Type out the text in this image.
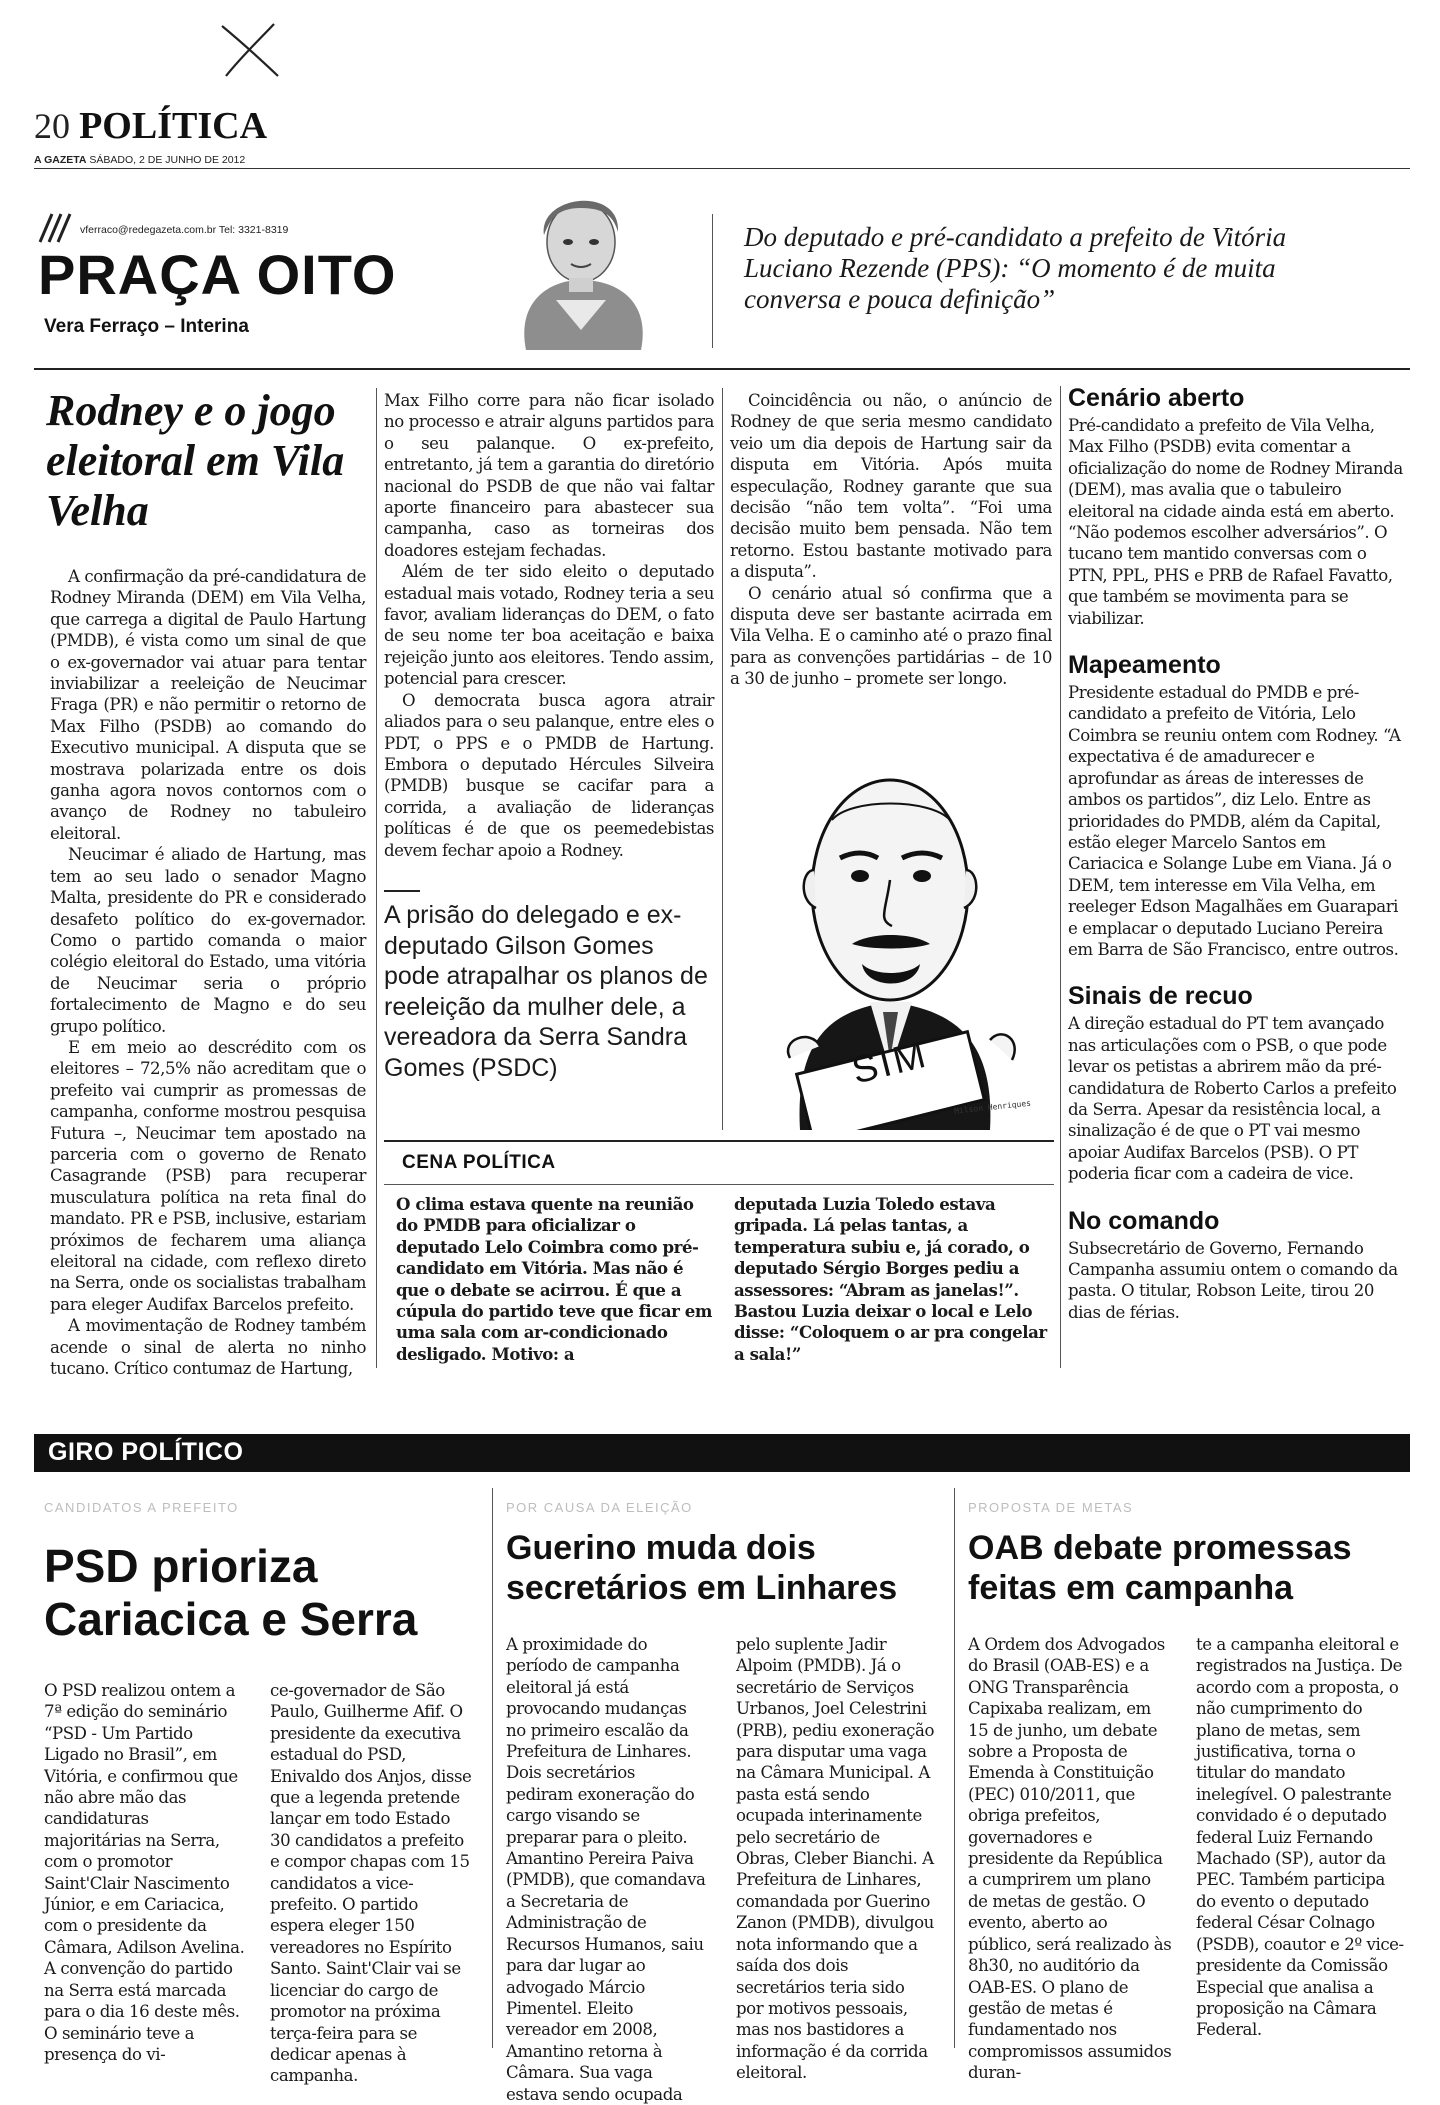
20 POLÍTICA
A GAZETA SÁBADO, 2 DE JUNHO DE 2012
vferraco@redegazeta.com.br Tel: 3321-8319
PRAÇA OITO
Vera Ferraço – Interina
Do deputado e pré-candidato a prefeito de Vitória Luciano Rezende (PPS): “O momento é de muita conversa e pouca definição”
Rodney e o jogo eleitoral em Vila Velha

A confirmação da pré-candidatura de Rodney Miranda (DEM) em Vila Velha, que carrega a digital de Paulo Hartung (PMDB), é vista como um sinal de que o ex-governador vai atuar para tentar inviabilizar a reeleição de Neucimar Fraga (PR) e não permitir o retorno de Max Filho (PSDB) ao comando do Executivo municipal. A disputa que se mostrava polarizada entre os dois ganha agora novos contornos com o avanço de Rodney no tabuleiro eleitoral.

Neucimar é aliado de Hartung, mas tem ao seu lado o senador Magno Malta, presidente do PR e considerado desafeto político do ex-governador. Como o partido comanda o maior colégio eleitoral do Estado, uma vitória de Neucimar seria o próprio fortalecimento de Magno e do seu grupo político.

E em meio ao descrédito com os eleitores – 72,5% não acreditam que o prefeito vai cumprir as promessas de campanha, conforme mostrou pesquisa Futura –, Neucimar tem apostado na parceria com o governo de Renato Casagrande (PSB) para recuperar musculatura política na reta final do mandato. PR e PSB, inclusive, estariam próximos de fecharem uma aliança eleitoral na cidade, com reflexo direto na Serra, onde os socialistas trabalham para eleger Audifax Barcelos prefeito.

A movimentação de Rodney também acende o sinal de alerta no ninho tucano. Crítico contumaz de Hartung,

Max Filho corre para não ficar isolado no processo e atrair alguns partidos para o seu palanque. O ex-prefeito, entretanto, já tem a garantia do diretório nacional do PSDB de que não vai faltar aporte financeiro para abastecer sua campanha, caso as torneiras dos doadores estejam fechadas.

Além de ter sido eleito o deputado estadual mais votado, Rodney teria a seu favor, avaliam lideranças do DEM, o fato de seu nome ter boa aceitação e baixa rejeição junto aos eleitores. Tendo assim, potencial para crescer.

O democrata busca agora atrair aliados para o seu palanque, entre eles o PDT, o PPS e o PMDB de Hartung. Embora o deputado Hércules Silveira (PMDB) busque se cacifar para a corrida, a avaliação de lideranças políticas é de que os peemedebistas devem fechar apoio a Rodney.

Coincidência ou não, o anúncio de Rodney de que seria mesmo candidato veio um dia depois de Hartung sair da disputa em Vitória. Após muita especulação, Rodney garante que sua decisão “não tem volta”. “Foi uma decisão muito bem pensada. Não tem retorno. Estou bastante motivado para a disputa”.

O cenário atual só confirma que a disputa deve ser bastante acirrada em Vila Velha. E o caminho até o prazo final para as convenções partidárias – de 10 a 30 de junho – promete ser longo.

A prisão do delegado e ex-deputado Gilson Gomes pode atrapalhar os planos de reeleição da mulher dele, a vereadora da Serra Sandra Gomes (PSDC)	SIM
Milson Henriques
CENA POLÍTICA

O clima estava quente na reunião do PMDB para oficializar o deputado Lelo Coimbra como pré-candidato em Vitória. Mas não é que o debate se acirrou. É que a cúpula do partido teve que ficar em uma sala com ar-condicionado desligado. Motivo: a

deputada Luzia Toledo estava gripada. Lá pelas tantas, a temperatura subiu e, já corado, o deputado Sérgio Borges pediu a assessores: “Abram as janelas!”. Bastou Luzia deixar o local e Lelo disse: “Coloquem o ar pra congelar a sala!”

Cenário aberto
Pré-candidato a prefeito de Vila Velha, Max Filho (PSDB) evita comentar a oficialização do nome de Rodney Miranda (DEM), mas avalia que o tabuleiro eleitoral na cidade ainda está em aberto. “Não podemos escolher adversários”. O tucano tem mantido conversas com o PTN, PPL, PHS e PRB de Rafael Favatto, que também se movimenta para se viabilizar.
Mapeamento
Presidente estadual do PMDB e pré-candidato a prefeito de Vitória, Lelo Coimbra se reuniu ontem com Rodney. “A expectativa é de amadurecer e aprofundar as áreas de interesses de ambos os partidos”, diz Lelo. Entre as prioridades do PMDB, além da Capital, estão eleger Marcelo Santos em Cariacica e Solange Lube em Viana. Já o DEM, tem interesse em Vila Velha, em reeleger Edson Magalhães em Guarapari e emplacar o deputado Luciano Pereira em Barra de São Francisco, entre outros.
Sinais de recuo
A direção estadual do PT tem avançado nas articulações com o PSB, o que pode levar os petistas a abrirem mão da pré-candidatura de Roberto Carlos a prefeito da Serra. Apesar da resistência local, a sinalização é de que o PT vai mesmo apoiar Audifax Barcelos (PSB). O PT poderia ficar com a cadeira de vice.
No comando
Subsecretário de Governo, Fernando Campanha assumiu ontem o comando da pasta. O titular, Robson Leite, tirou 20 dias de férias.
GIRO POLÍTICO
CANDIDATOS A PREFEITO
PSD prioriza Cariacica e Serra

O PSD realizou ontem a 7ª edição do seminário “PSD - Um Partido Ligado no Brasil”, em Vitória, e confirmou que não abre mão das candidaturas majoritárias na Serra, com o promotor Saint'Clair Nascimento Júnior, e em Cariacica, com o presidente da Câmara, Adilson Avelina. A convenção do partido na Serra está marcada para o dia 16 deste mês. O seminário teve a presença do vi-

ce-governador de São Paulo, Guilherme Afif. O presidente da executiva estadual do PSD, Enivaldo dos Anjos, disse que a legenda pretende lançar em todo Estado 30 candidatos a prefeito e compor chapas com 15 candidatos a vice-prefeito. O partido espera eleger 150 vereadores no Espírito Santo. Saint'Clair vai se licenciar do cargo de promotor na próxima terça-feira para se dedicar apenas à campanha.

POR CAUSA DA ELEIÇÃO
Guerino muda dois secretários em Linhares

A proximidade do período de campanha eleitoral já está provocando mudanças no primeiro escalão da Prefeitura de Linhares. Dois secretários pediram exoneração do cargo visando se preparar para o pleito. Amantino Pereira Paiva (PMDB), que comandava a Secretaria de Administração de Recursos Humanos, saiu para dar lugar ao advogado Márcio Pimentel. Eleito vereador em 2008, Amantino retorna à Câmara. Sua vaga estava sendo ocupada

pelo suplente Jadir Alpoim (PMDB). Já o secretário de Serviços Urbanos, Joel Celestrini (PRB), pediu exoneração para disputar uma vaga na Câmara Municipal. A pasta está sendo ocupada interinamente pelo secretário de Obras, Cleber Bianchi. A Prefeitura de Linhares, comandada por Guerino Zanon (PMDB), divulgou nota informando que a saída dos dois secretários teria sido por motivos pessoais, mas nos bastidores a informação é da corrida eleitoral.

PROPOSTA DE METAS
OAB debate promessas feitas em campanha

A Ordem dos Advogados do Brasil (OAB-ES) e a ONG Transparência Capixaba realizam, em 15 de junho, um debate sobre a Proposta de Emenda à Constituição (PEC) 010/2011, que obriga prefeitos, governadores e presidente da República a cumprirem um plano de metas de gestão. O evento, aberto ao público, será realizado às 8h30, no auditório da OAB-ES. O plano de gestão de metas é fundamentado nos compromissos assumidos duran-

te a campanha eleitoral e registrados na Justiça. De acordo com a proposta, o não cumprimento do plano de metas, sem justificativa, torna o titular do mandato inelegível. O palestrante convidado é o deputado federal Luiz Fernando Machado (SP), autor da PEC. Também participa do evento o deputado federal César Colnago (PSDB), coautor e 2º vice-presidente da Comissão Especial que analisa a proposição na Câmara Federal.
